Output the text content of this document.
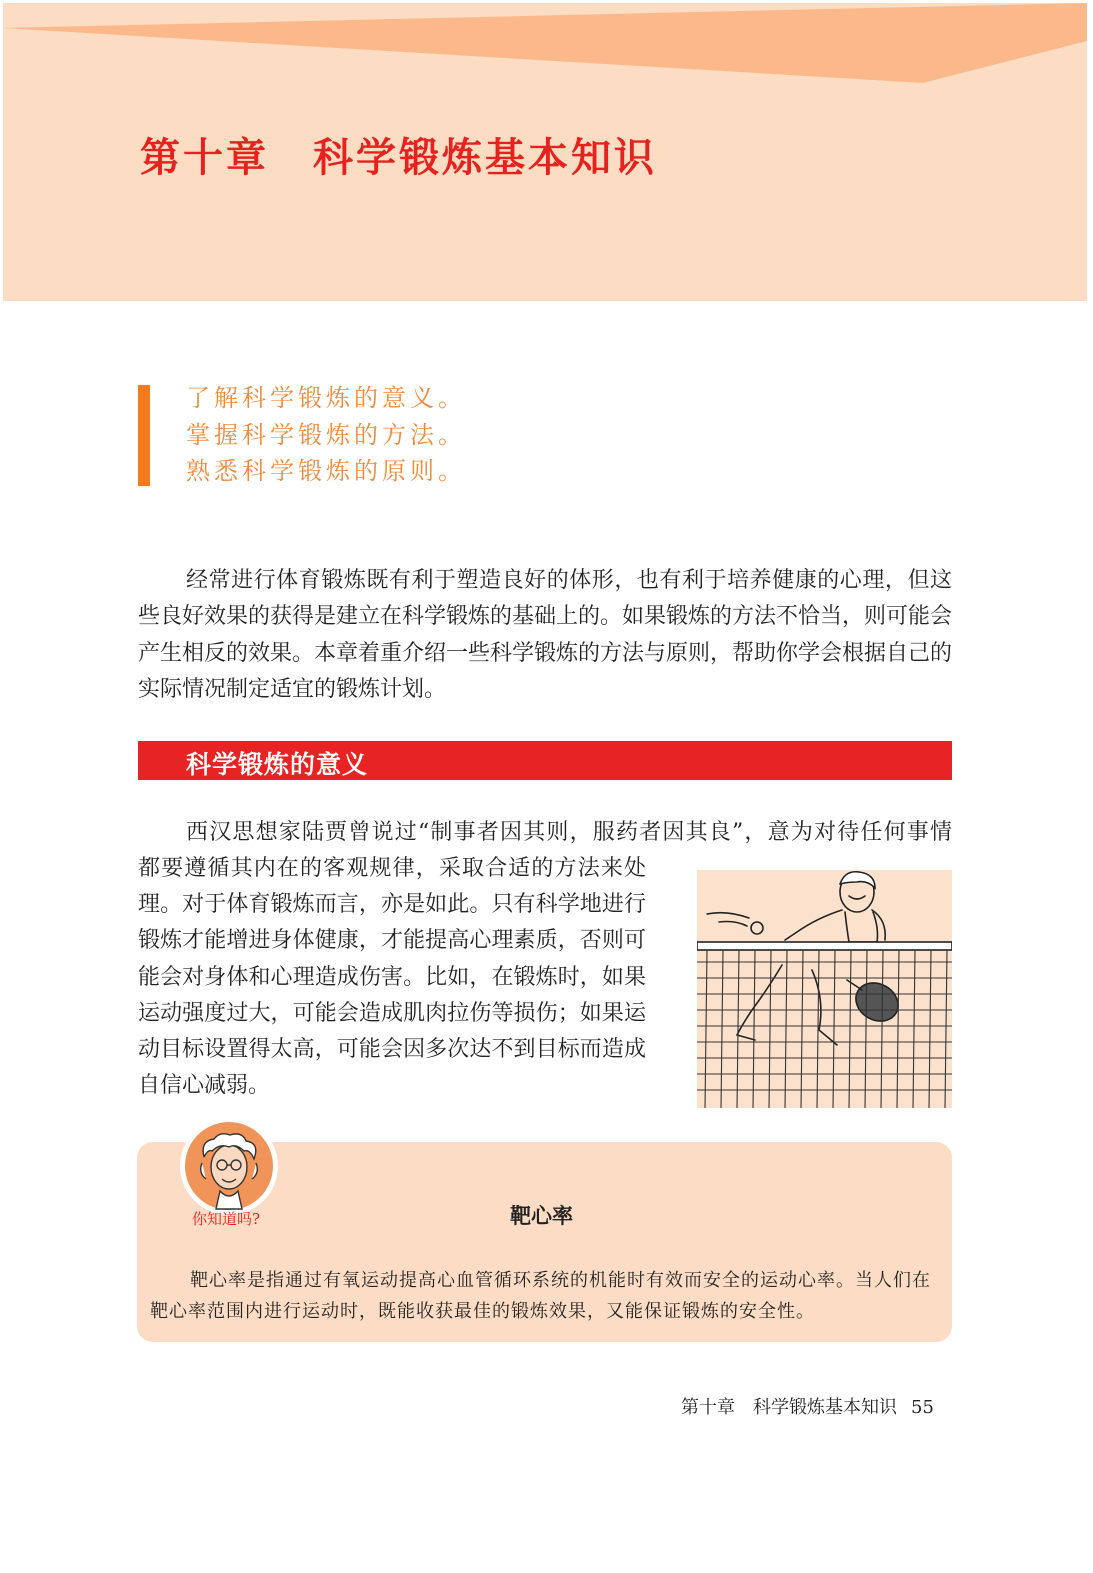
第十章 科学锻炼基本知识
了解科学锻炼的意义。
掌握科学锻炼的方法。
熟悉科学锻炼的原则。

经常进行体育锻炼既有利于塑造良好的体形，也有利于培养健康的心理，但这些良好效果的获得是建立在科学锻炼的基础上的。如果锻炼的方法不恰当，则可能会产生相反的效果。本章着重介绍一些科学锻炼的方法与原则，帮助你学会根据自己的实际情况制定适宜的锻炼计划。

科学锻炼的意义
西汉思想家陆贾曾说过“制事者因其则，服药者因其良”，意为对待任何事情

都要遵循其内在的客观规律，采取合适的方法来处理。对于体育锻炼而言，亦是如此。只有科学地进行锻炼才能增进身体健康，才能提高心理素质，否则可能会对身体和心理造成伤害。比如，在锻炼时，如果运动强度过大，可能会造成肌肉拉伤等损伤；如果运动目标设置得太高，可能会因多次达不到目标而造成自信心减弱。

你知道吗?	靶心率

靶心率是指通过有氧运动提高心血管循环系统的机能时有效而安全的运动心率。当人们在靶心率范围内进行运动时，既能收获最佳的锻炼效果，又能保证锻炼的安全性。

第十章 科学锻炼基本知识 55
